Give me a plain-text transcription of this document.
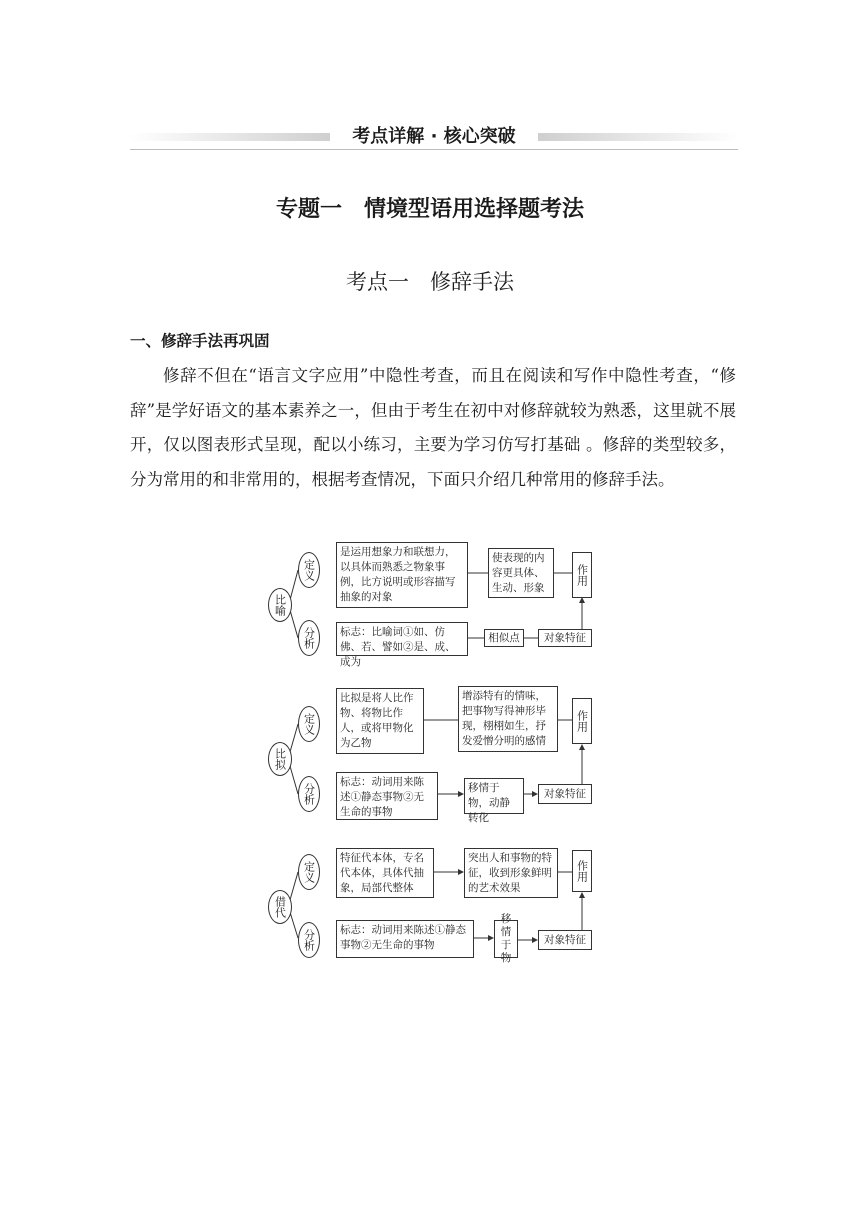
考点详解 · 核心突破
专题一　情境型语用选择题考法
考点一　修辞手法
一、修辞手法再巩固
修辞不但在“语言文字应用”中隐性考查，而且在阅读和写作中隐性考查，“修辞”是学好语文的基本素养之一，但由于考生在初中对修辞就较为熟悉，这里就不展开，仅以图表形式呈现，配以小练习，主要为学习仿写打基础 。修辞的类型较多，分为常用的和非常用的，根据考查情况，下面只介绍几种常用的修辞手法。
比喻
定义
分析
是运用想象力和联想力，以具体而熟悉之物象事例，比方说明或形容描写抽象的对象
使表现的内容更具体、生动、形象
作用
标志：比喻词①如、仿佛、若、譬如②是、成、成为
相似点	对象特征
比拟
定义
分析
比拟是将人比作物、将物比作人，或将甲物化为乙物
增添特有的情味，把事物写得神形毕现，栩栩如生，抒发爱憎分明的感情
作用
标志：动词用来陈述①静态事物②无生命的事物
移情于物，动静转化
对象特征
借代
定义
分析
特征代本体，专名代本体，具体代抽象，局部代整体
突出人和事物的特征，收到形象鲜明的艺术效果
作用
标志：动词用来陈述①静态事物②无生命的事物
移情于物
对象特征
